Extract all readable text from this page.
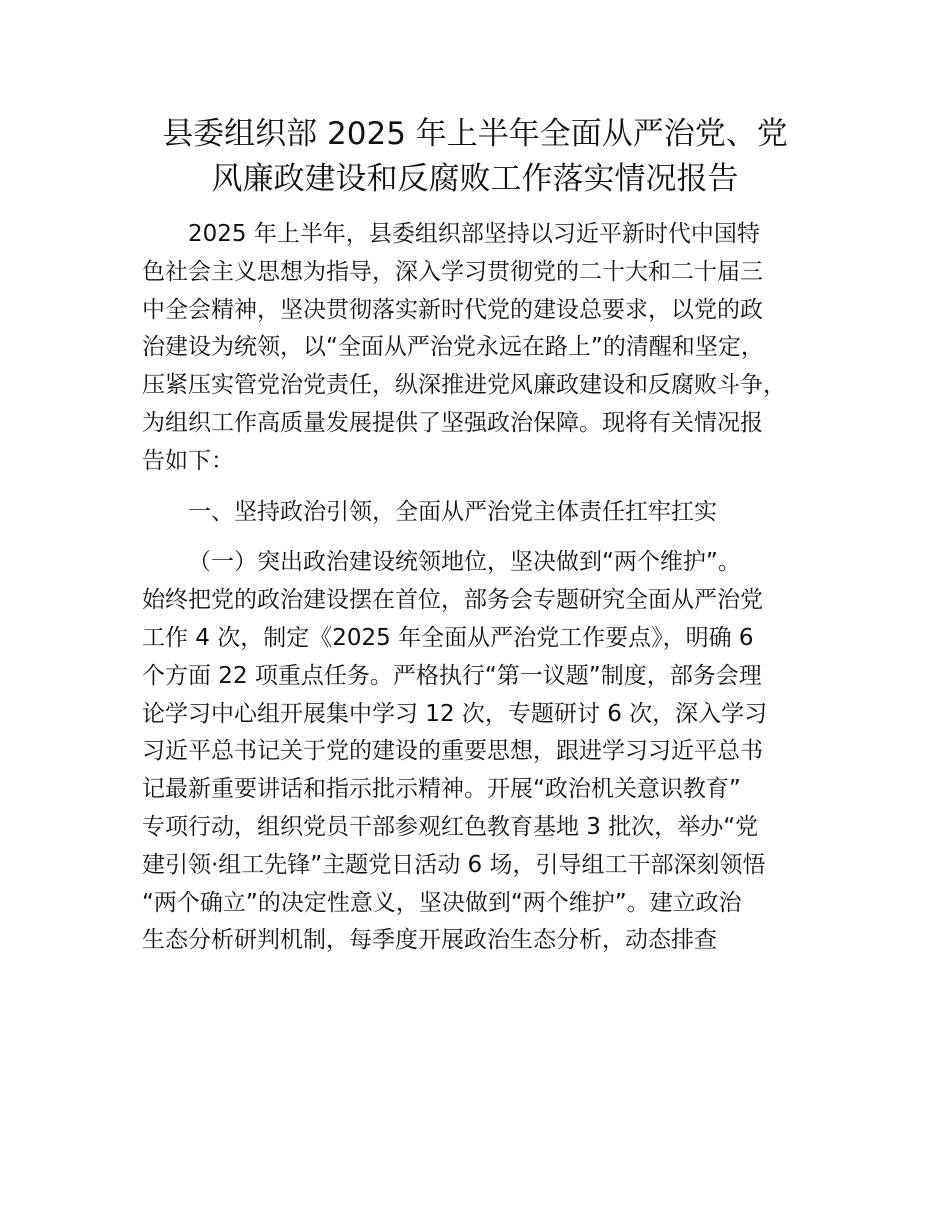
县委组织部 2025 年上半年全面从严治党、党
风廉政建设和反腐败工作落实情况报告
2025 年上半年，县委组织部坚持以习近平新时代中国特
色社会主义思想为指导，深入学习贯彻党的二十大和二十届三
中全会精神，坚决贯彻落实新时代党的建设总要求，以党的政
治建设为统领，以“全面从严治党永远在路上”的清醒和坚定，
压紧压实管党治党责任，纵深推进党风廉政建设和反腐败斗争，
为组织工作高质量发展提供了坚强政治保障。现将有关情况报
告如下：
一、坚持政治引领，全面从严治党主体责任扛牢扛实
（一）突出政治建设统领地位，坚决做到“两个维护”。
始终把党的政治建设摆在首位，部务会专题研究全面从严治党
工作 4 次，制定《2025 年全面从严治党工作要点》，明确 6
个方面 22 项重点任务。严格执行“第一议题”制度，部务会理
论学习中心组开展集中学习 12 次，专题研讨 6 次，深入学习
习近平总书记关于党的建设的重要思想，跟进学习习近平总书
记最新重要讲话和指示批示精神。开展“政治机关意识教育”
专项行动，组织党员干部参观红色教育基地 3 批次，举办“党
建引领·组工先锋”主题党日活动 6 场，引导组工干部深刻领悟
“两个确立”的决定性意义，坚决做到“两个维护”。建立政治
生态分析研判机制，每季度开展政治生态分析，动态排查
